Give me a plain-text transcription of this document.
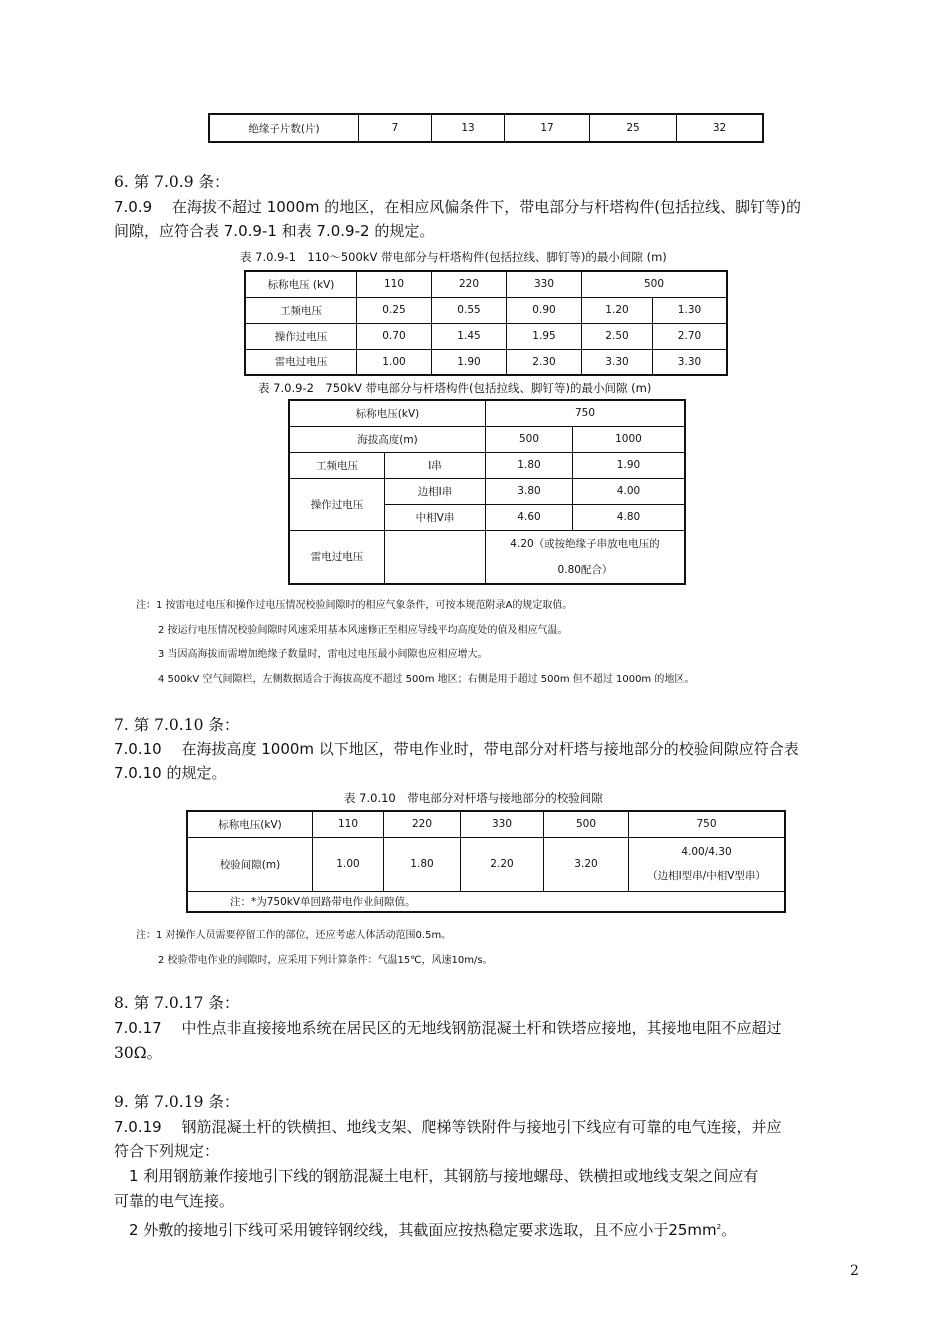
绝缘子片数(片)	7	13	17	25	32
6. 第 7.0.9 条：
7.0.9　 在海拔不超过 1000m 的地区，在相应风偏条件下，带电部分与杆塔构件(包括拉线、脚钉等)的
间隙，应符合表 7.0.9-1 和表 7.0.9-2 的规定。
表 7.0.9-1　110～500kV 带电部分与杆塔构件(包括拉线、脚钉等)的最小间隙 (m)
标称电压 (kV)	110	220	330	500	
工频电压	0.25	0.55	0.90	1.20	1.30
操作过电压	0.70	1.45	1.95	2.50	2.70
雷电过电压	1.00	1.90	2.30	3.30	3.30
表 7.0.9-2　750kV 带电部分与杆塔构件(包括拉线、脚钉等)的最小间隙 (m)
标称电压(kV)		750	
海拔高度(m)		500	1000
工频电压	I串	1.80	1.90
操作过电压	边相I串	3.80	4.00
	中相V串	4.60	4.80
雷电过电压		4.20（或按绝缘子串放电电压的
0.80配合）	
注：1 按雷电过电压和操作过电压情况校验间隙时的相应气象条件，可按本规范附录A的规定取值。
2 按运行电压情况校验间隙时风速采用基本风速修正至相应导线平均高度处的值及相应气温。
3 当因高海拔而需增加绝缘子数量时，雷电过电压最小间隙也应相应增大。
4 500kV 空气间隙栏，左侧数据适合于海拔高度不超过 500m 地区；右侧是用于超过 500m 但不超过 1000m 的地区。
7. 第 7.0.10 条：
7.0.10　 在海拔高度 1000m 以下地区，带电作业时，带电部分对杆塔与接地部分的校验间隙应符合表
7.0.10 的规定。
表 7.0.10　带电部分对杆塔与接地部分的校验间隙
标称电压(kV)	110	220	330	500	750
校验间隙(m)	1.00	1.80	2.20	3.20	4.00/4.30
（边相Ⅰ型串/中相Ⅴ型串）

注：*为750kV单回路带电作业间隙值。					
注：1 对操作人员需要停留工作的部位，还应考虑人体活动范围0.5m。
2 校验带电作业的间隙时，应采用下列计算条件：气温15℃，风速10m/s。
8. 第 7.0.17 条：
7.0.17　 中性点非直接接地系统在居民区的无地线钢筋混凝土杆和铁塔应接地，其接地电阻不应超过
30Ω。
9. 第 7.0.19 条：
7.0.19　 钢筋混凝土杆的铁横担、地线支架、爬梯等铁附件与接地引下线应有可靠的电气连接，并应
符合下列规定：
　1 利用钢筋兼作接地引下线的钢筋混凝土电杆，其钢筋与接地螺母、铁横担或地线支架之间应有
可靠的电气连接。
　2 外敷的接地引下线可采用镀锌钢绞线，其截面应按热稳定要求选取，且不应小于$25mm^2$。
2
